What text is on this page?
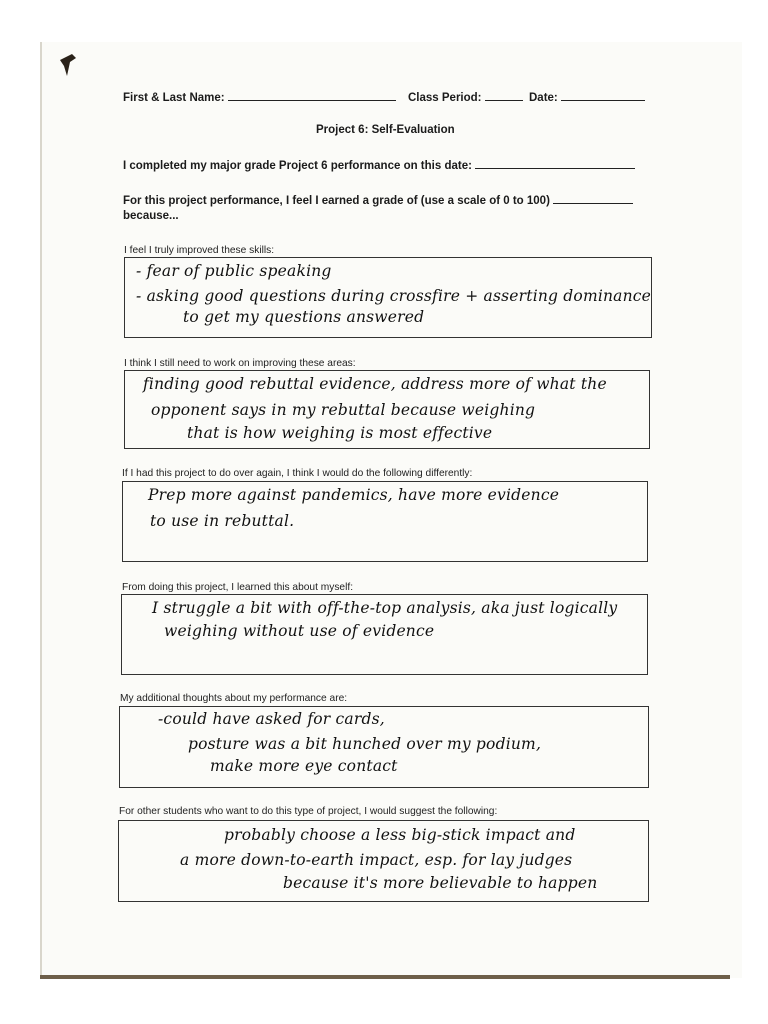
First & Last Name:	Class Period:	Date:
Project 6: Self-Evaluation
I completed my major grade Project 6 performance on this date:
For this project performance, I feel I earned a grade of (use a scale of 0 to 100)
because...
I feel I truly improved these skills:
- fear of public speaking
- asking good questions during crossfire + asserting dominance
to get my questions answered
I think I still need to work on improving these areas:
finding good rebuttal evidence, address more of what the
opponent says in my rebuttal because weighing
that is how weighing is most effective
If I had this project to do over again, I think I would do the following differently:
Prep more against pandemics, have more evidence
to use in rebuttal.
From doing this project, I learned this about myself:
I struggle a bit with off-the-top analysis, aka just logically
weighing without use of evidence
My additional thoughts about my performance are:
-could have asked for cards,
posture was a bit hunched over my podium,
make more eye contact
For other students who want to do this type of project, I would suggest the following:
probably choose a less big-stick impact and
a more down-to-earth impact, esp. for lay judges
because it's more believable to happen
